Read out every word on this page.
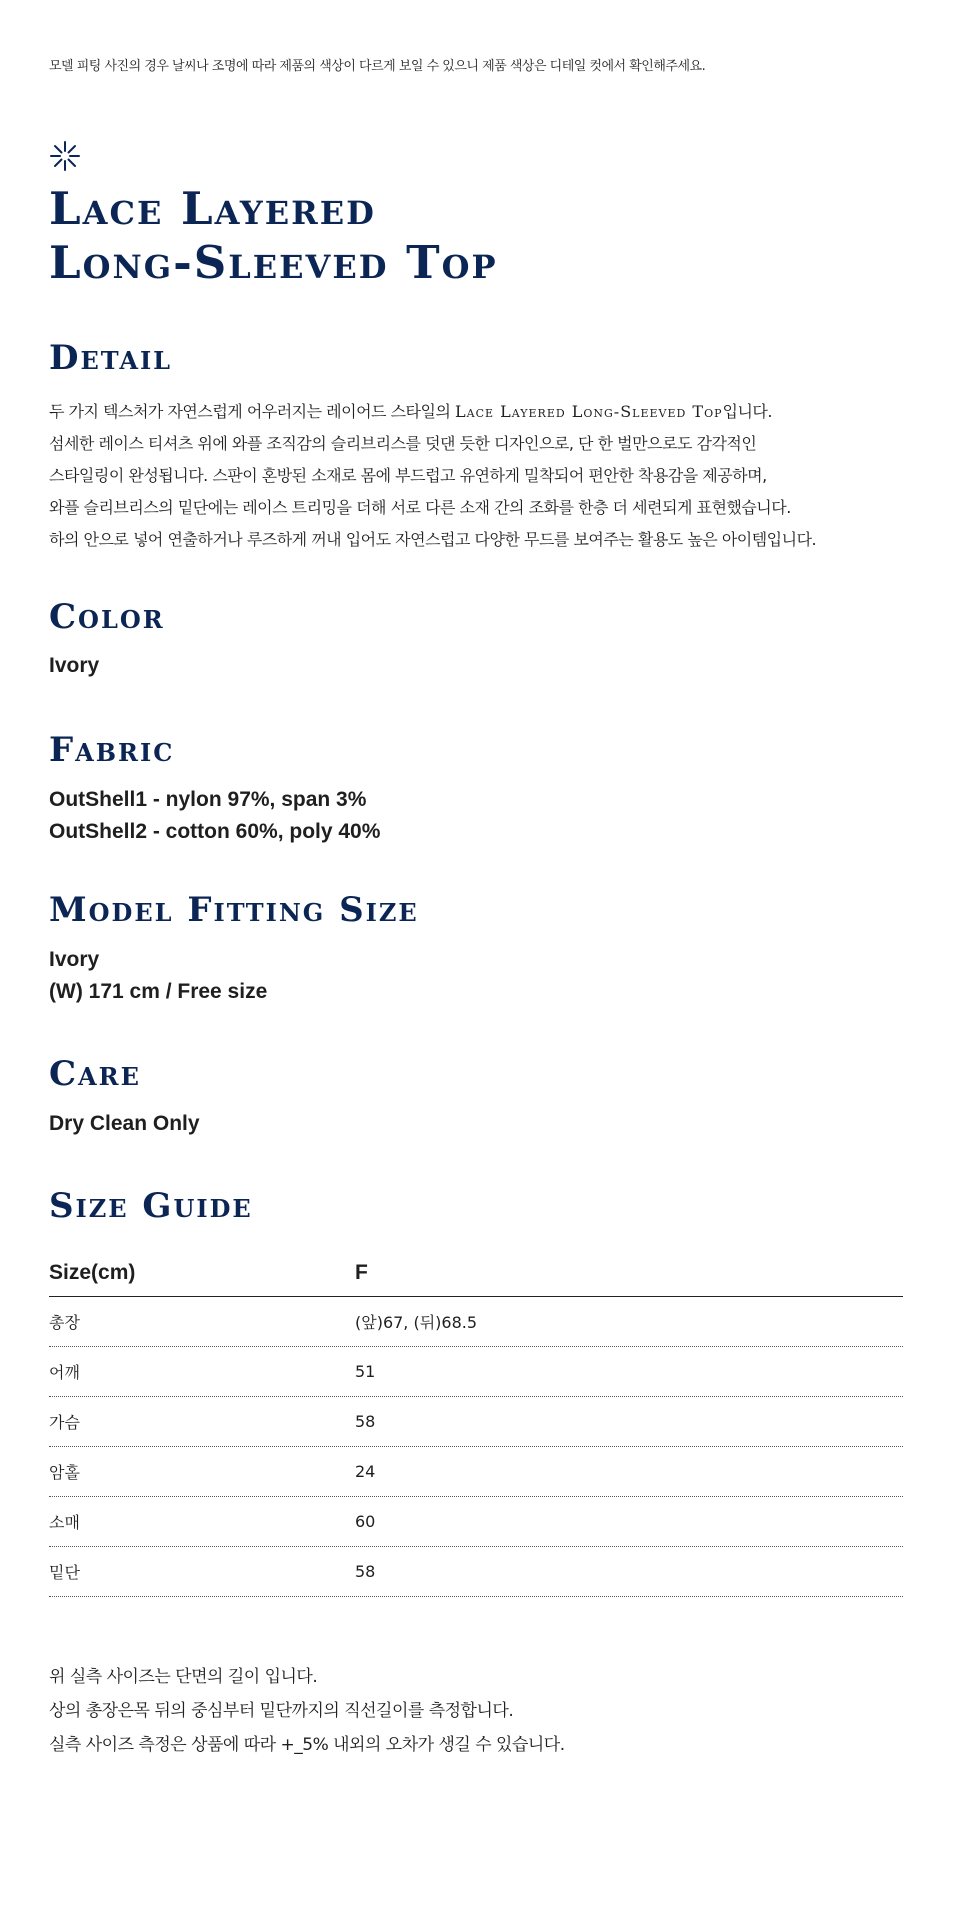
모델 피팅 사진의 경우 날씨나 조명에 따라 제품의 색상이 다르게 보일 수 있으니 제품 색상은 디테일 컷에서 확인해주세요.
Lace Layered
Long-Sleeved Top
Detail
두 가지 텍스처가 자연스럽게 어우러지는 레이어드 스타일의 Lace Layered Long-Sleeved Top입니다.
섬세한 레이스 티셔츠 위에 와플 조직감의 슬리브리스를 덧댄 듯한 디자인으로, 단 한 벌만으로도 감각적인
스타일링이 완성됩니다. 스판이 혼방된 소재로 몸에 부드럽고 유연하게 밀착되어 편안한 착용감을 제공하며,
와플 슬리브리스의 밑단에는 레이스 트리밍을 더해 서로 다른 소재 간의 조화를 한층 더 세련되게 표현했습니다.
하의 안으로 넣어 연출하거나 루즈하게 꺼내 입어도 자연스럽고 다양한 무드를 보여주는 활용도 높은 아이템입니다.
Color
Ivory
Fabric
OutShell1 - nylon 97%, span 3%
OutShell2 - cotton 60%, poly 40%
Model Fitting Size
Ivory
(W) 171 cm / Free size
Care
Dry Clean Only
Size Guide
Size(cm)	F
총장	(앞)67, (뒤)68.5
어깨	51
가슴	58
암홀	24
소매	60
밑단	58
위 실측 사이즈는 단면의 길이 입니다.
상의 총장은목 뒤의 중심부터 밑단까지의 직선길이를 측정합니다.
실측 사이즈 측정은 상품에 따라 +_5% 내외의 오차가 생길 수 있습니다.
